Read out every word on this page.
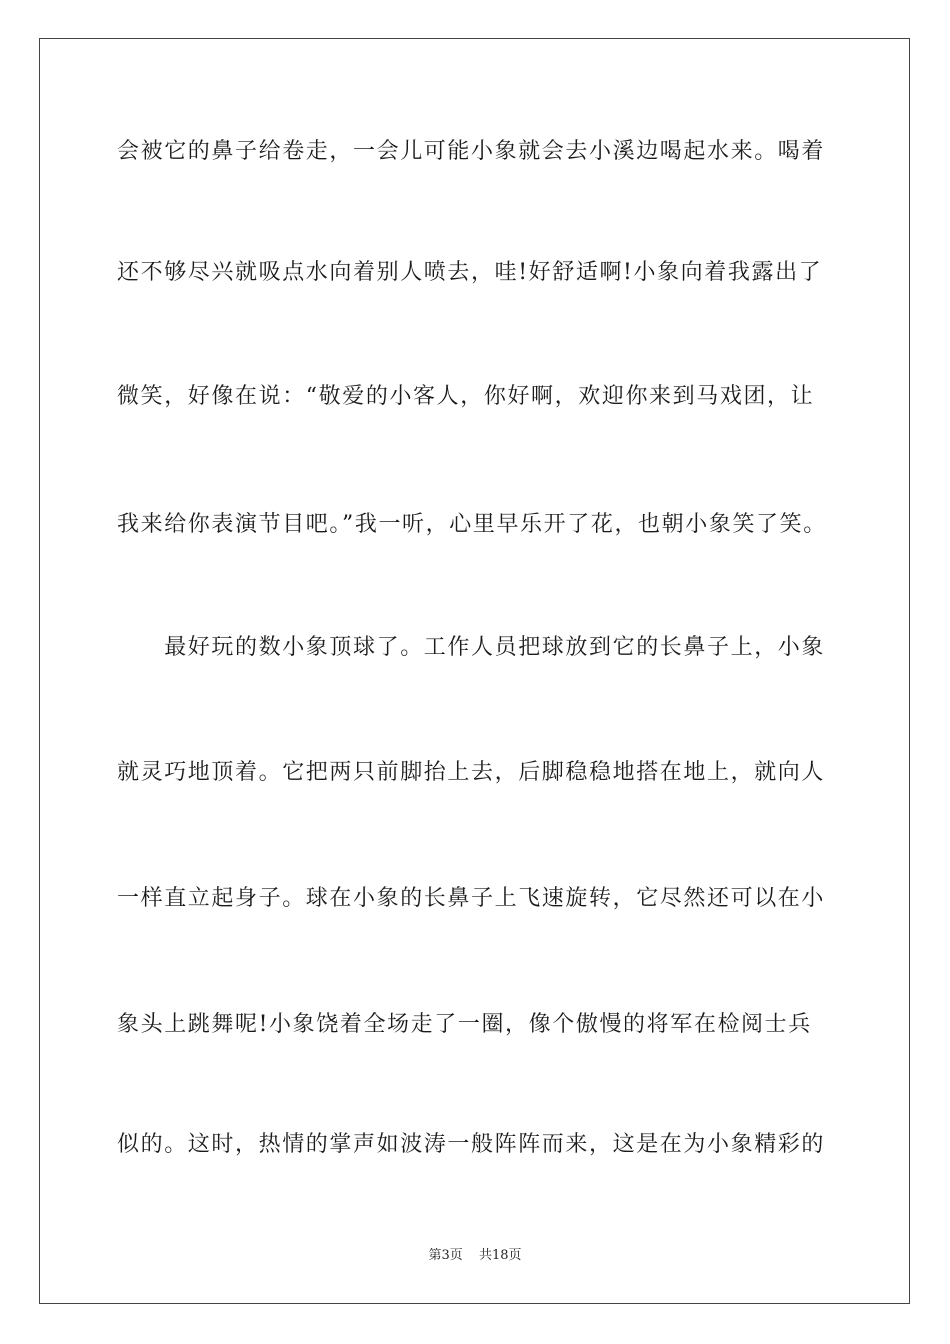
会被它的鼻子给卷走，一会儿可能小象就会去小溪边喝起水来。喝着
还不够尽兴就吸点水向着别人喷去，哇!好舒适啊!小象向着我露出了
微笑，好像在说：“敬爱的小客人，你好啊，欢迎你来到马戏团，让
我来给你表演节目吧。”我一听，心里早乐开了花，也朝小象笑了笑。
　　最好玩的数小象顶球了。工作人员把球放到它的长鼻子上，小象
就灵巧地顶着。它把两只前脚抬上去，后脚稳稳地搭在地上，就向人
一样直立起身子。球在小象的长鼻子上飞速旋转，它尽然还可以在小
象头上跳舞呢!小象饶着全场走了一圈，像个傲慢的将军在检阅士兵
似的。这时，热情的掌声如波涛一般阵阵而来，这是在为小象精彩的
第3页 共18页
